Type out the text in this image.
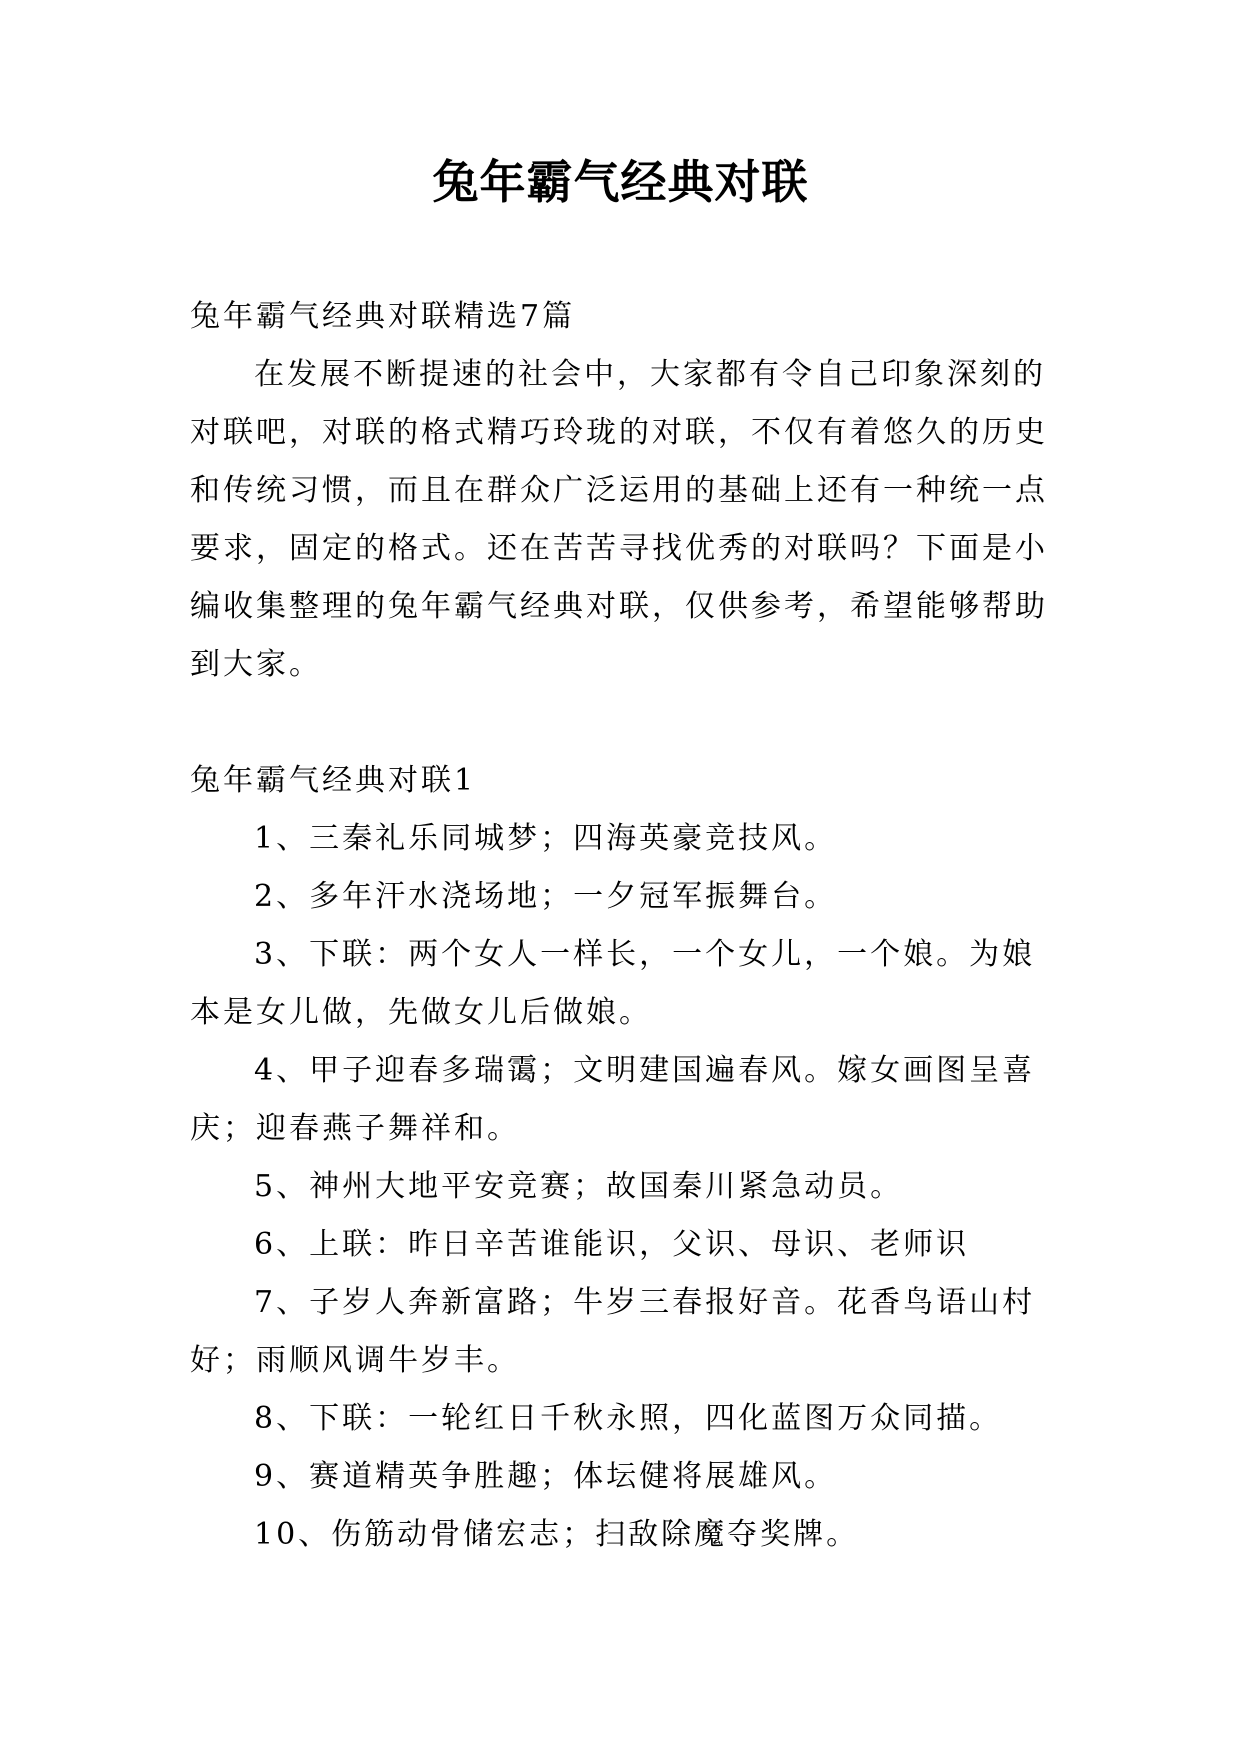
兔年霸气经典对联

兔年霸气经典对联精选7篇

在发展不断提速的社会中，大家都有令自己印象深刻的对联吧，对联的格式精巧玲珑的对联，不仅有着悠久的历史和传统习惯，而且在群众广泛运用的基础上还有一种统一点要求，固定的格式。还在苦苦寻找优秀的对联吗？下面是小编收集整理的兔年霸气经典对联，仅供参考，希望能够帮助到大家。

兔年霸气经典对联1

1、三秦礼乐同城梦；四海英豪竞技风。

2、多年汗水浇场地；一夕冠军振舞台。

3、下联：两个女人一样长，一个女儿，一个娘。为娘本是女儿做，先做女儿后做娘。

4、甲子迎春多瑞霭；文明建国遍春风。嫁女画图呈喜庆；迎春燕子舞祥和。

5、神州大地平安竞赛；故国秦川紧急动员。

6、上联：昨日辛苦谁能识，父识、母识、老师识

7、子岁人奔新富路；牛岁三春报好音。花香鸟语山村好；雨顺风调牛岁丰。

8、下联：一轮红日千秋永照，四化蓝图万众同描。

9、赛道精英争胜趣；体坛健将展雄风。

10、伤筋动骨储宏志；扫敌除魔夺奖牌。
